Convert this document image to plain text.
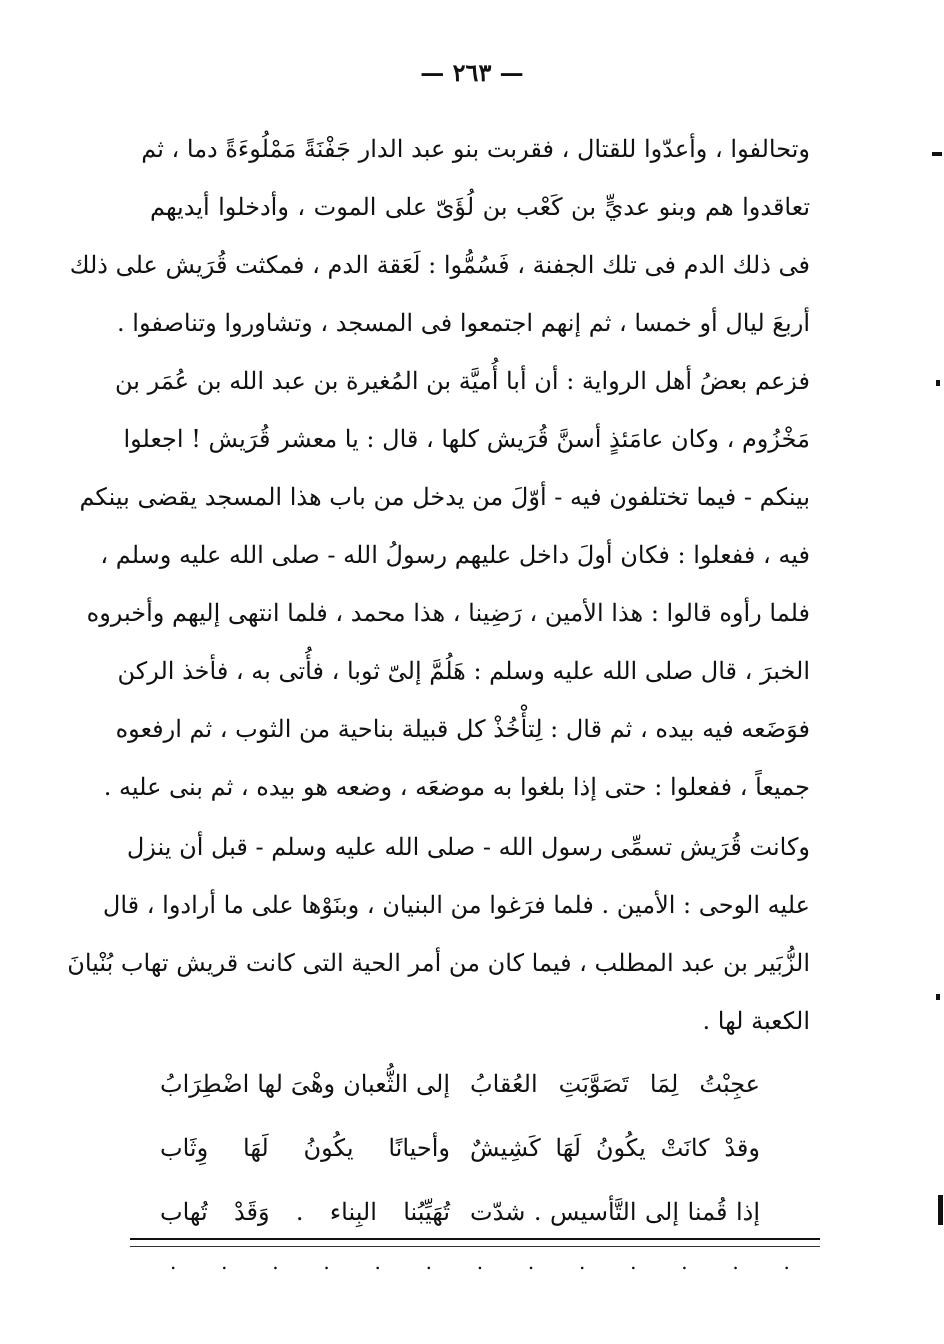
— ٢٦٣ —
وتحالفوا ، وأعدّوا للقتال ، فقربت بنو عبد الدار جَفْنَةً مَمْلُوءَةً دما ، ثم
تعاقدوا هم وبنو عديٍّ بن كَعْب بن لُؤَىّ على الموت ، وأدخلوا أيديهم
فى ذلك الدم فى تلك الجفنة ، فَسُمُّوا : لَعَقة الدم ، فمكثت قُرَيش على ذلك
أربعَ ليال أو خمسا ، ثم إنهم اجتمعوا فى المسجد ، وتشاوروا وتناصفوا .
فزعم بعضُ أهل الرواية : أن أبا أُميَّة بن المُغيرة بن عبد الله بن عُمَر بن
مَخْزُوم ، وكان عامَئذٍ أسنَّ قُرَيش كلها ، قال : يا معشر قُرَيش ! اجعلوا
بينكم - فيما تختلفون فيه - أوّلَ من يدخل من باب هذا المسجد يقضى بينكم
فيه ، ففعلوا : فكان أولَ داخل عليهم رسولُ الله - صلى الله عليه وسلم ،
فلما رأوه قالوا : هذا الأمين ، رَضِينا ، هذا محمد ، فلما انتهى إليهم وأخبروه
الخبرَ ، قال صلى الله عليه وسلم : هَلُمَّ إلىّ ثوبا ، فأُتى به ، فأخذ الركن
فوَضَعه فيه بيده ، ثم قال : لِتأْخُذْ كل قبيلة بناحية من الثوب ، ثم ارفعوه
جميعاً ، ففعلوا : حتى إذا بلغوا به موضعَه ، وضعه هو بيده ، ثم بنى عليه .
وكانت قُرَيش تسمِّى رسول الله - صلى الله عليه وسلم - قبل أن ينزل
عليه الوحى : الأمين . فلما فرَغوا من البنيان ، وبنَوْها على ما أرادوا ، قال
الزُّبَير بن عبد المطلب ، فيما كان من أمر الحية التى كانت قريش تهاب بُنْيانَ
الكعبة لها .
عجِبْتُ لِمَا تَصَوَّبَتِ العُقابُ
إلى الثُّعبان وهْىَ لها اضْطِرَابُ
وقدْ كانَتْ يكُونُ لَهَا كَشِيشٌ
وأحيانًا يكُونُ لَهَا وِثَاب
إذا قُمنا إلى التَّأسيس . شدّت
تُهَيِّبُنا البِناء . وَقَدْ تُهاب
. . . . . . . . . . . . .
